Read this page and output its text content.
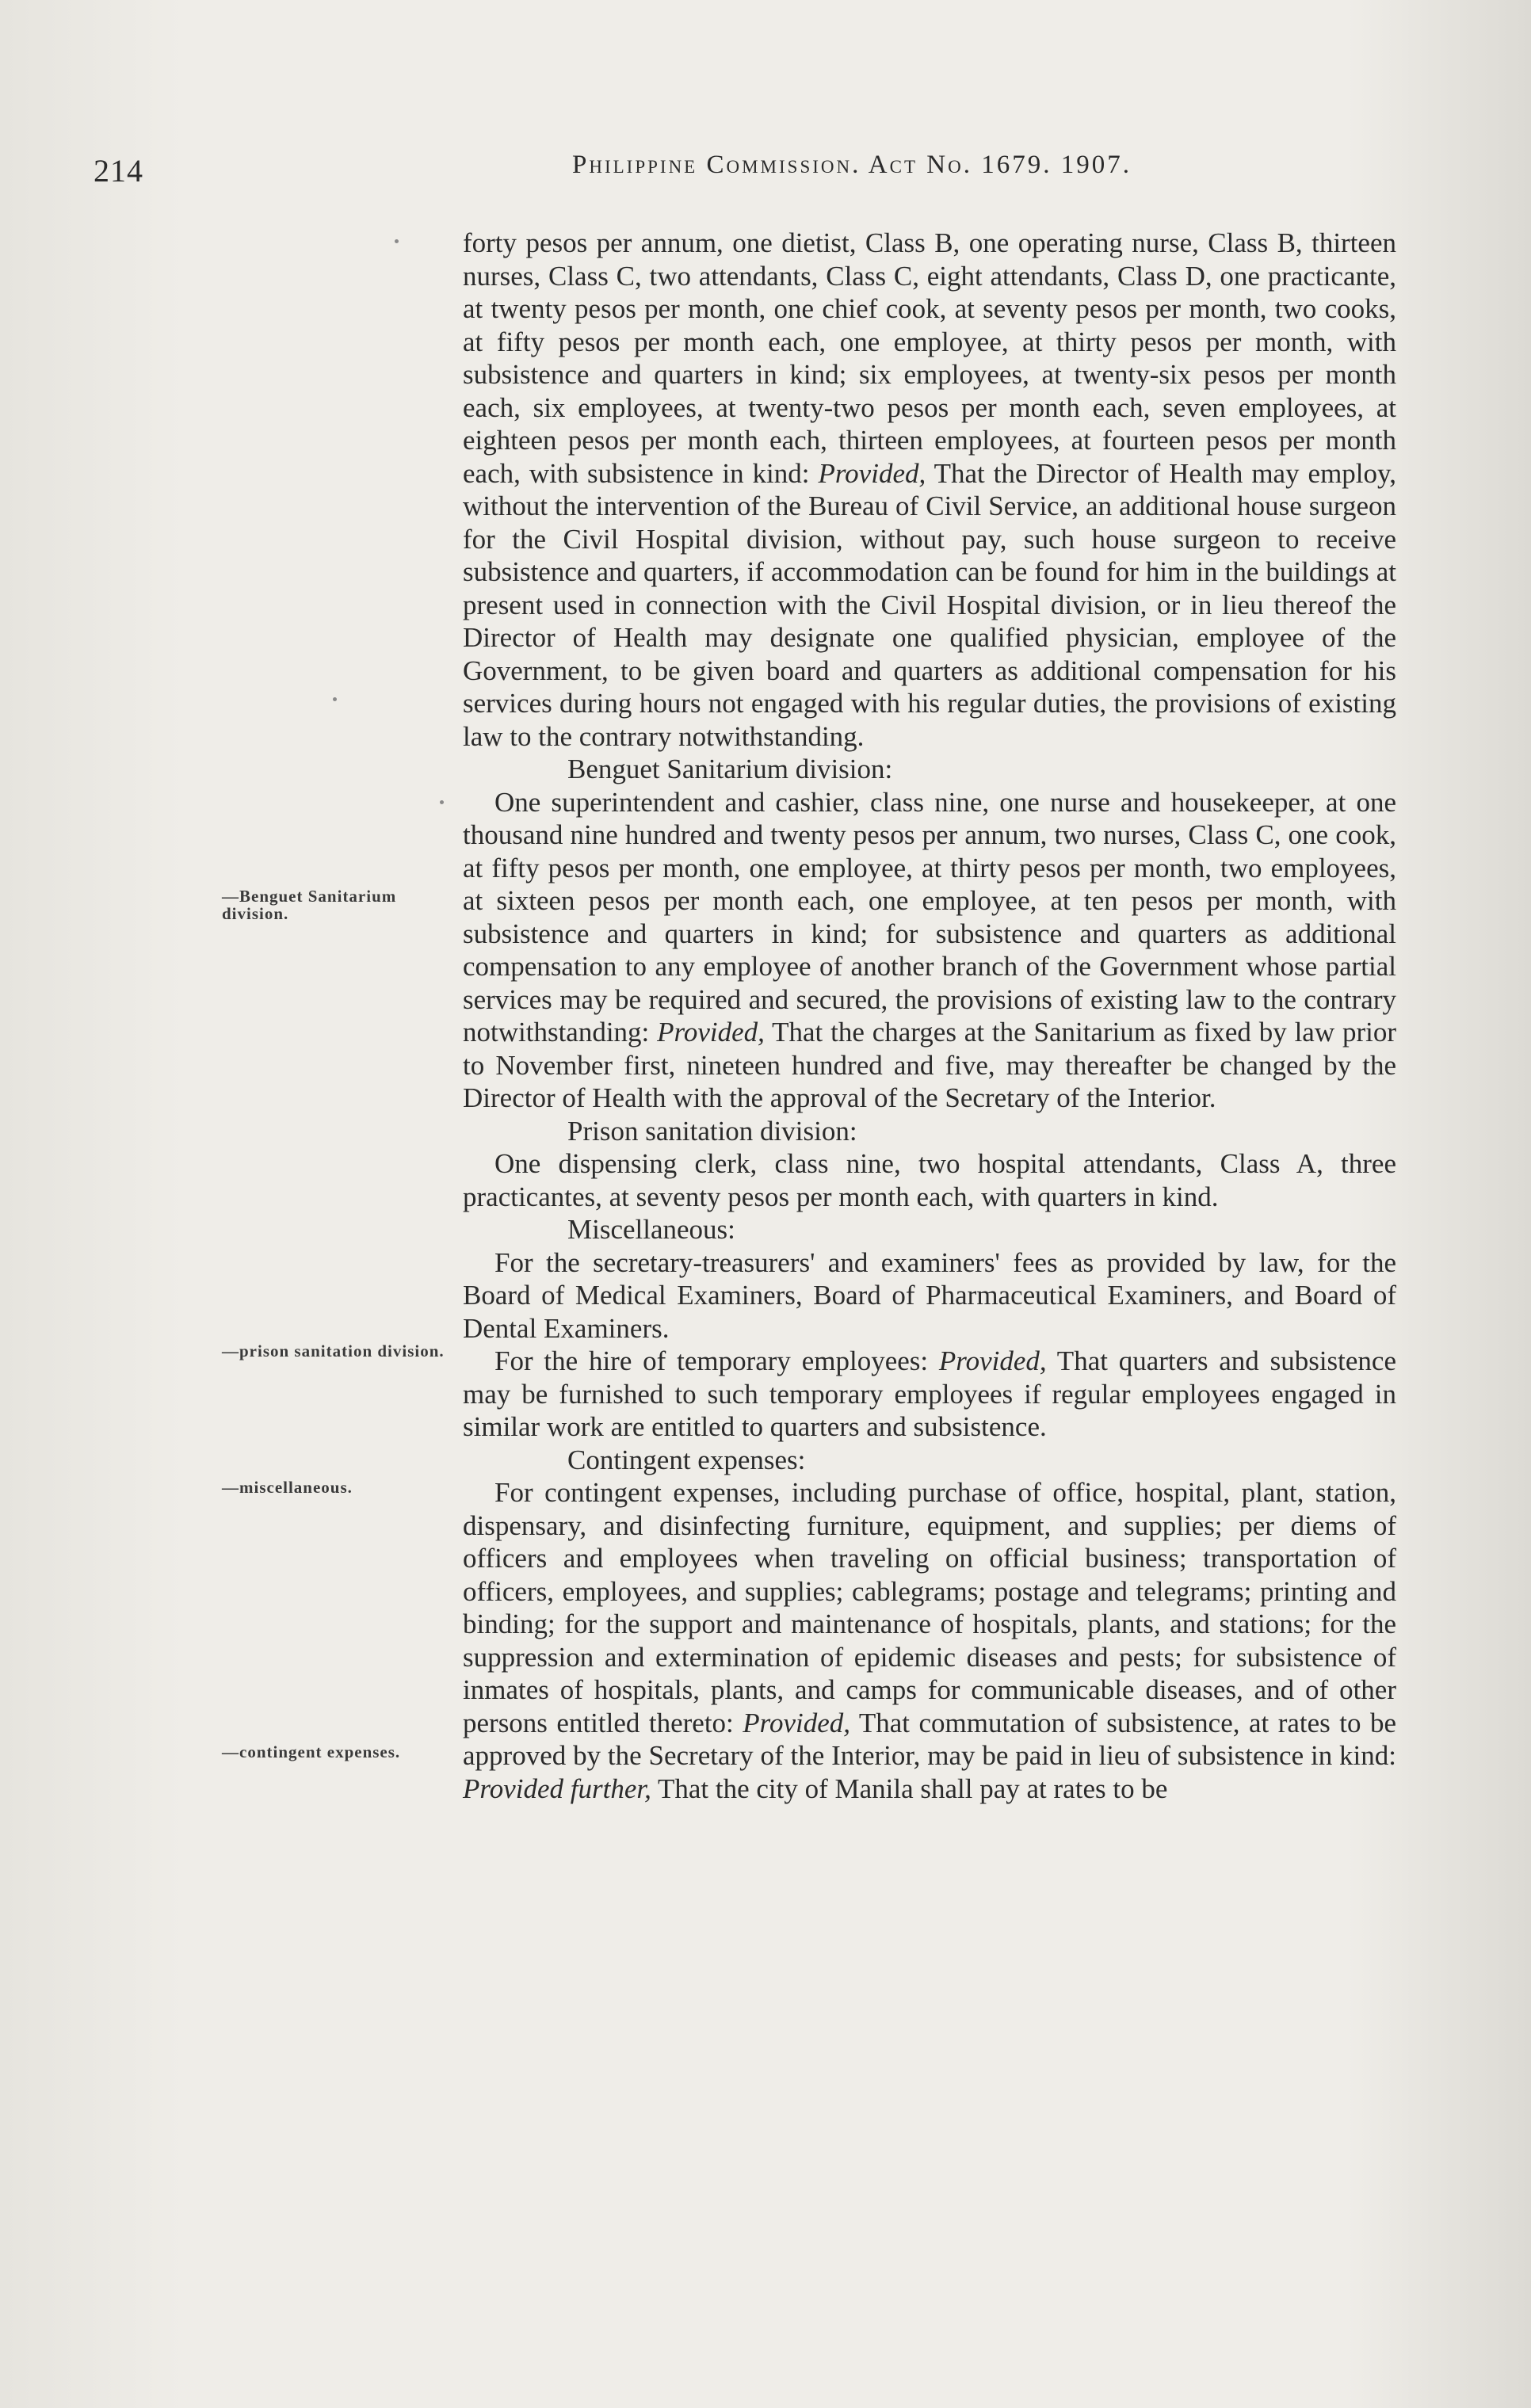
214	Philippine Commission. Act No. 1679. 1907.
—Benguet Sanitarium division.
—prison sanitation division.
—miscellaneous.
—contingent expenses.

forty pesos per annum, one dietist, Class B, one operating nurse, Class B, thirteen nurses, Class C, two attendants, Class C, eight attendants, Class D, one practicante, at twenty pesos per month, one chief cook, at seventy pesos per month, two cooks, at fifty pesos per month each, one employee, at thirty pesos per month, with subsistence and quarters in kind; six employees, at twenty-six pesos per month each, six employees, at twenty-two pesos per month each, seven employees, at eighteen pesos per month each, thirteen employees, at fourteen pesos per month each, with subsistence in kind: Provided, That the Director of Health may employ, without the intervention of the Bureau of Civil Service, an additional house surgeon for the Civil Hospital division, without pay, such house surgeon to receive subsistence and quarters, if accommodation can be found for him in the buildings at present used in connection with the Civil Hospital division, or in lieu thereof the Director of Health may designate one qualified physician, employee of the Government, to be given board and quarters as additional compensation for his services during hours not engaged with his regular duties, the provisions of existing law to the contrary notwithstanding.

Benguet Sanitarium division:

One superintendent and cashier, class nine, one nurse and housekeeper, at one thousand nine hundred and twenty pesos per annum, two nurses, Class C, one cook, at fifty pesos per month, one employee, at thirty pesos per month, two employees, at sixteen pesos per month each, one employee, at ten pesos per month, with subsistence and quarters in kind; for subsistence and quarters as additional compensation to any employee of another branch of the Government whose partial services may be required and secured, the provisions of existing law to the contrary notwithstanding: Provided, That the charges at the Sanitarium as fixed by law prior to November first, nineteen hundred and five, may thereafter be changed by the Director of Health with the approval of the Secretary of the Interior.

Prison sanitation division:

One dispensing clerk, class nine, two hospital attendants, Class A, three practicantes, at seventy pesos per month each, with quarters in kind.

Miscellaneous:

For the secretary-treasurers' and examiners' fees as provided by law, for the Board of Medical Examiners, Board of Pharmaceutical Examiners, and Board of Dental Examiners.

For the hire of temporary employees: Provided, That quarters and subsistence may be furnished to such temporary employees if regular employees engaged in similar work are entitled to quarters and subsistence.

Contingent expenses:

For contingent expenses, including purchase of office, hospital, plant, station, dispensary, and disinfecting furniture, equipment, and supplies; per diems of officers and employees when traveling on official business; transportation of officers, employees, and supplies; cablegrams; postage and telegrams; printing and binding; for the support and maintenance of hospitals, plants, and stations; for the suppression and extermination of epidemic diseases and pests; for subsistence of inmates of hospitals, plants, and camps for communicable diseases, and of other persons entitled thereto: Provided, That commutation of subsistence, at rates to be approved by the Secretary of the Interior, may be paid in lieu of subsistence in kind: Provided further, That the city of Manila shall pay at rates to be
